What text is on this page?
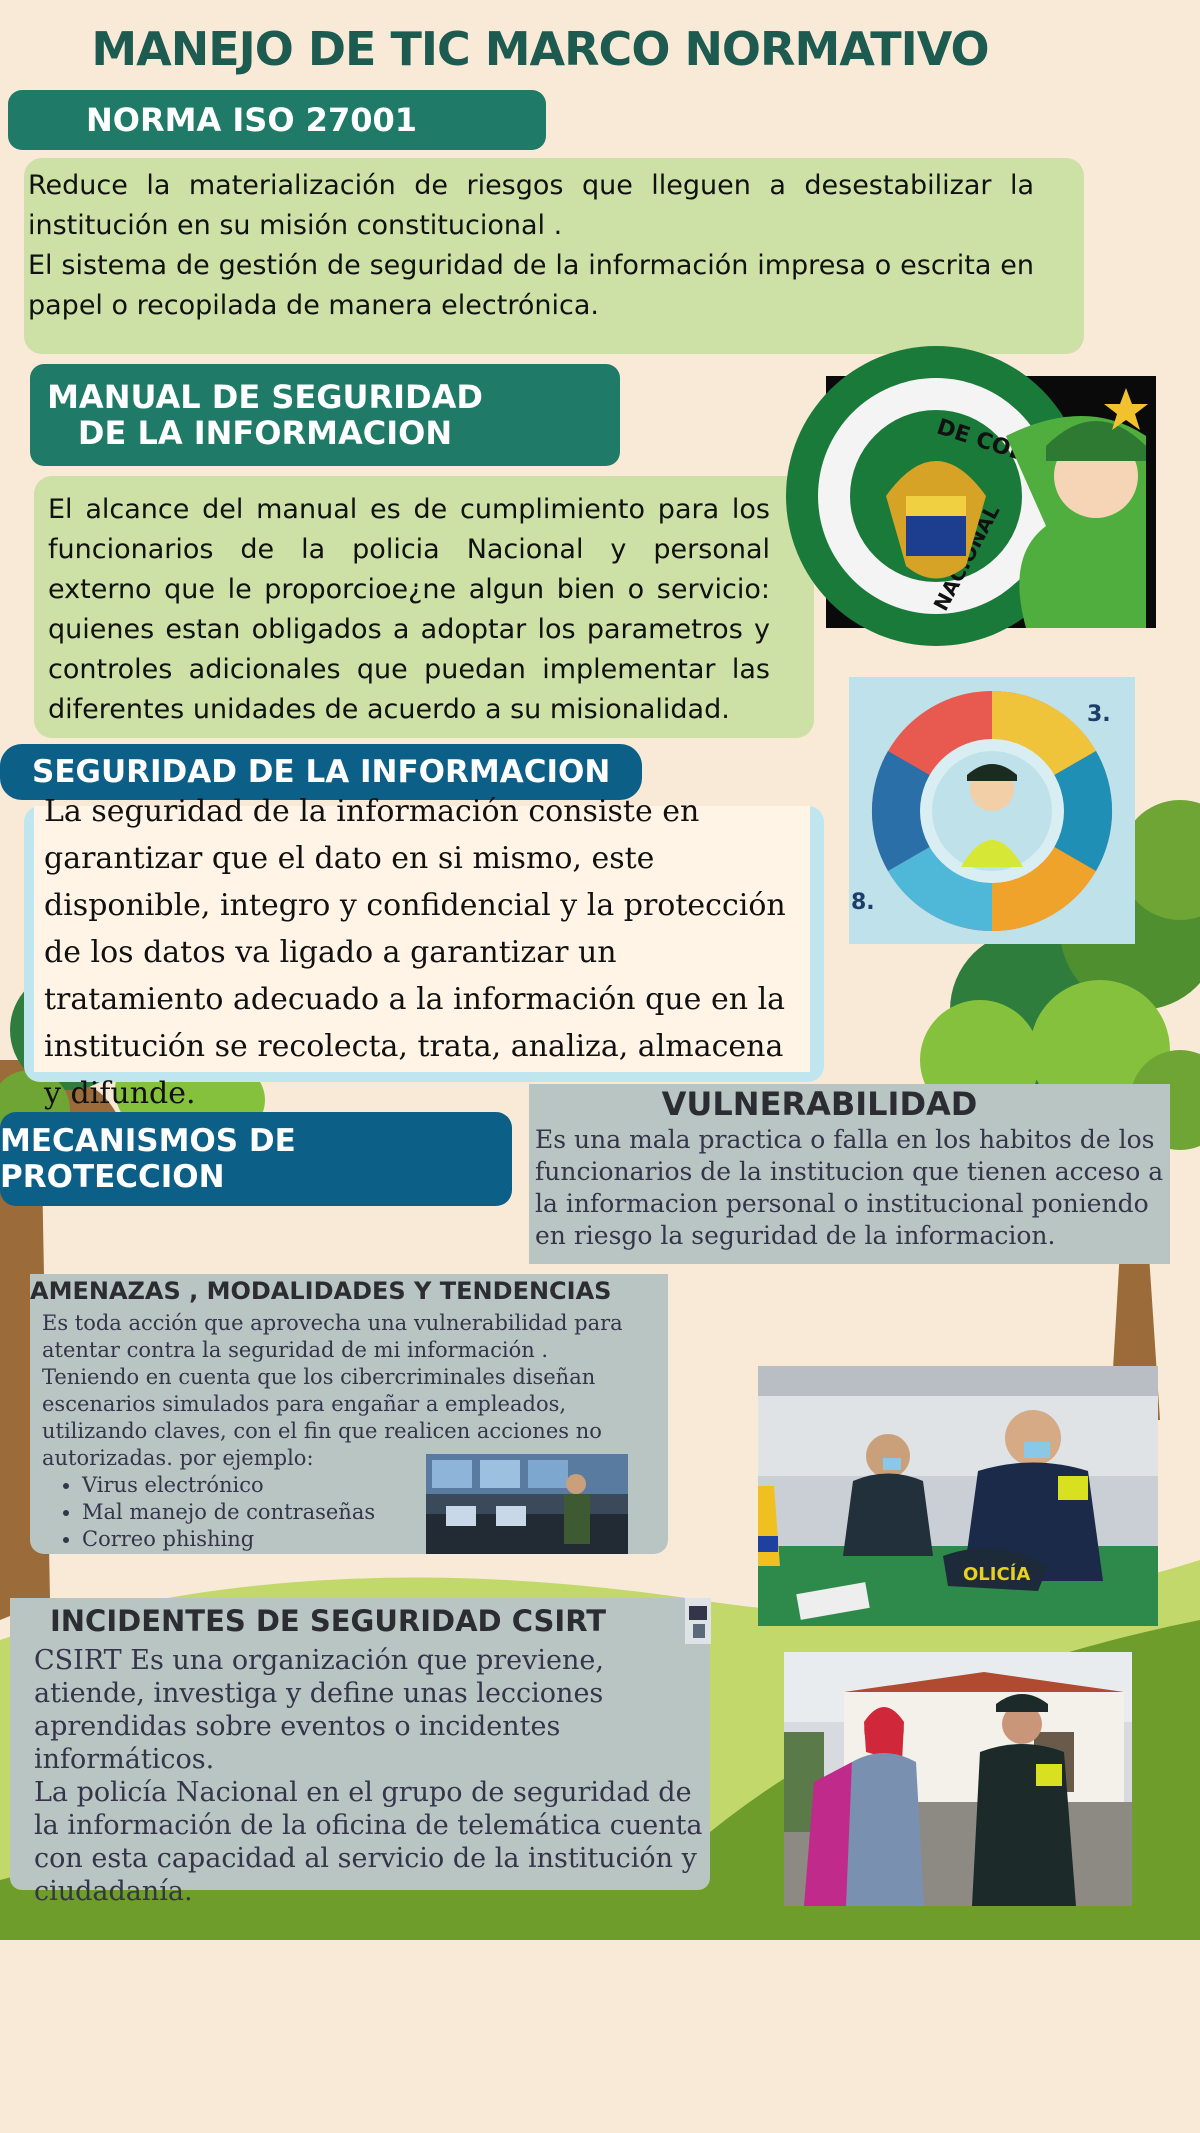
MANEJO DE TIC MARCO NORMATIVO
NORMA ISO 27001
Reduce la materialización de riesgos que lleguen a desestabilizar la institución en su misión constitucional .
El sistema de gestión de seguridad de la información impresa o escrita en papel o recopilada de manera electrónica.
MANUAL DE SEGURIDAD
DE LA INFORMACION
El alcance del manual es de cumplimiento para los funcionarios de la policia Nacional y personal externo que le proporcioe¿ne algun bien o servicio: quienes estan obligados a adoptar los parametros y controles adicionales que puedan implementar las diferentes unidades de acuerdo a su misionalidad.
DE
SEGURIDAD DE LA INFORMACION
La seguridad de la información consiste en garantizar que el dato en si mismo, este disponible, integro y confidencial y la protección de los datos va ligado a garantizar un tratamiento adecuado a la información que en la institución se recolecta, trata, analiza, almacena y difunde.
3.
8.
VULNERABILIDAD
Es una mala practica o falla en los habitos de los funcionarios de la institucion que tienen acceso a la informacion personal o institucional poniendo en riesgo la seguridad de la informacion.
MECANISMOS DE PROTECCION
AMENAZAS , MODALIDADES Y TENDENCIAS
Es toda acción que aprovecha una vulnerabilidad para atentar contra la seguridad de mi información .
Teniendo en cuenta que los cibercriminales diseñan escenarios simulados para engañar a empleados, utilizando claves, con el fin que realicen acciones no autorizadas. por ejemplo:
• Virus electrónico
• Mal manejo de contraseñas
• Correo phishing
OLICÍA
INCIDENTES DE SEGURIDAD CSIRT
CSIRT Es una organización que previene, atiende, investiga y define unas lecciones aprendidas sobre eventos o incidentes informáticos.
La policía Nacional en el grupo de seguridad de la información de la oficina de telemática cuenta con esta capacidad al servicio de la institución y ciudadanía.
